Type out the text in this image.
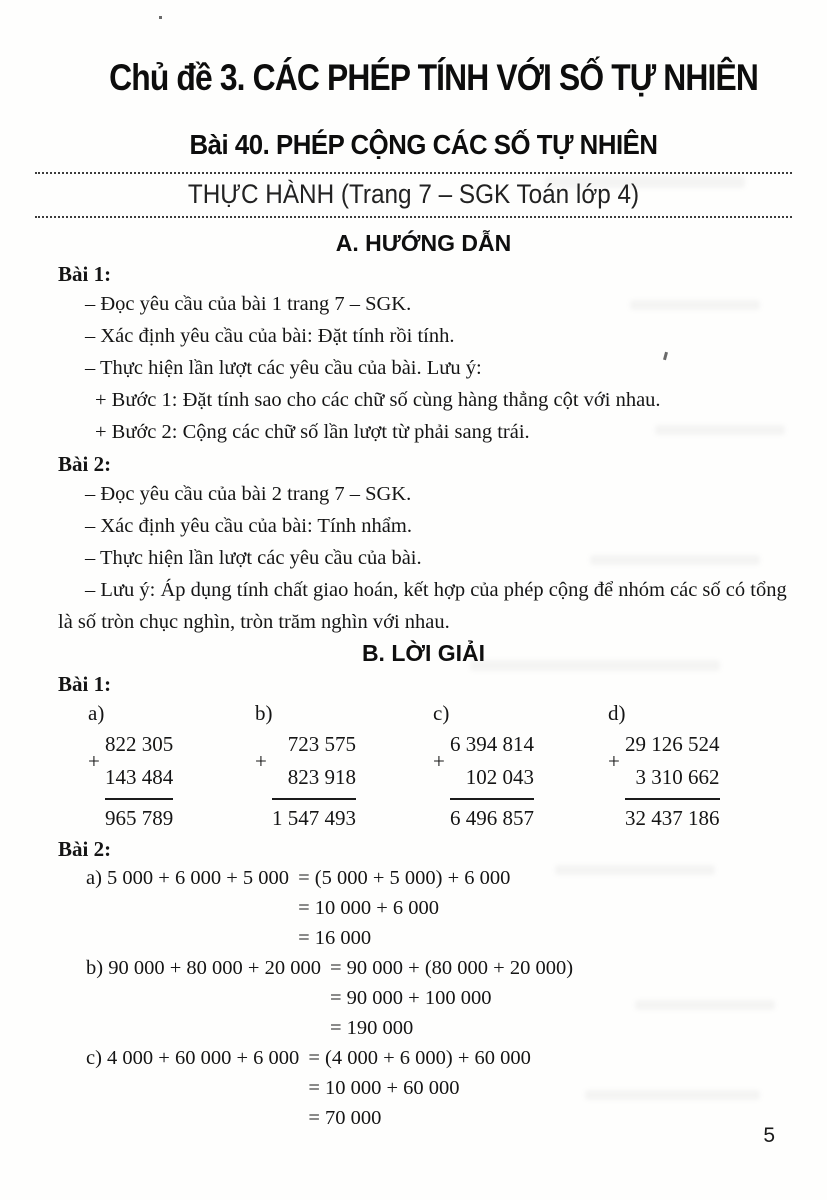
Chủ đề 3. CÁC PHÉP TÍNH VỚI SỐ TỰ NHIÊN
Bài 40. PHÉP CỘNG CÁC SỐ TỰ NHIÊN
THỰC HÀNH (Trang 7 – SGK Toán lớp 4)
A. HƯỚNG DẪN
Bài 1:

– Đọc yêu cầu của bài 1 trang 7 – SGK.

– Xác định yêu cầu của bài: Đặt tính rồi tính.

– Thực hiện lần lượt các yêu cầu của bài. Lưu ý:

+ Bước 1: Đặt tính sao cho các chữ số cùng hàng thẳng cột với nhau.

+ Bước 2: Cộng các chữ số lần lượt từ phải sang trái.

Bài 2:

– Đọc yêu cầu của bài 2 trang 7 – SGK.

– Xác định yêu cầu của bài: Tính nhẩm.

– Thực hiện lần lượt các yêu cầu của bài.

– Lưu ý: Áp dụng tính chất giao hoán, kết hợp của phép cộng để nhóm các số có tổng là số tròn chục nghìn, tròn trăm nghìn với nhau.

B. LỜI GIẢI
Bài 1:
a)
+
822 305
143 484
965 789
b)
+
723 575
823 918
1 547 493
c)
+
6 394 814
102 043
6 496 857
d)
+
29 126 524
3 310 662
32 437 186
Bài 2:
a) 5 000 + 6 000 + 5 000 = (5 000 + 5 000) + 6 000
= 10 000 + 6 000
= 16 000
b) 90 000 + 80 000 + 20 000 = 90 000 + (80 000 + 20 000)
= 90 000 + 100 000
= 190 000
c) 4 000 + 60 000 + 6 000 = (4 000 + 6 000) + 60 000
= 10 000 + 60 000
= 70 000
5
